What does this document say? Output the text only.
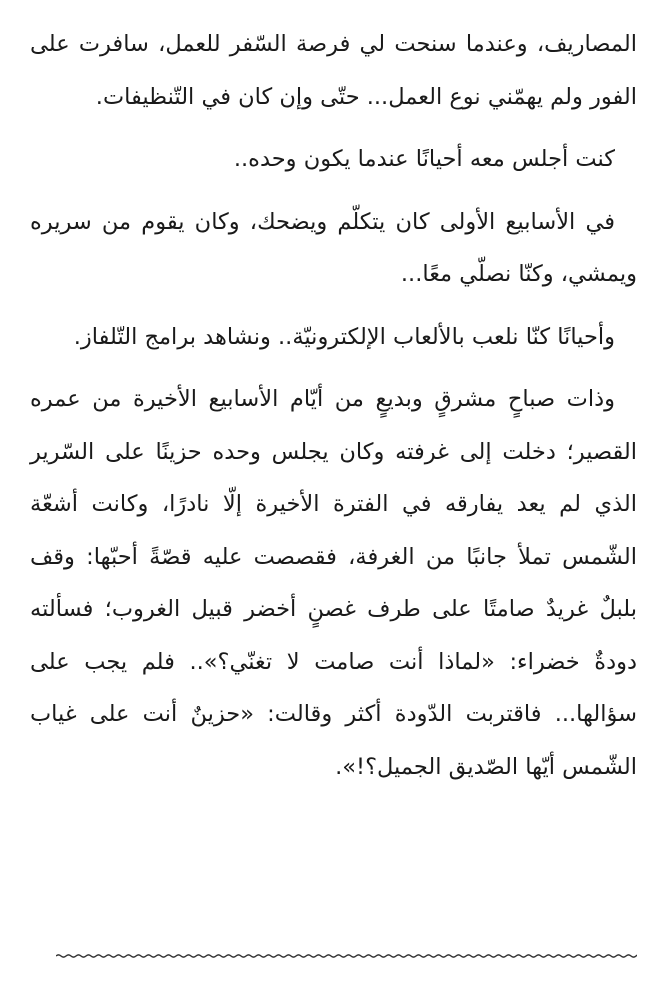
المصاريف، وعندما سنحت لي فرصة السّفر للعمل، سافرت على الفور ولم يهمّني نوع العمل... حتّى وإن كان في التّنظيفات.

كنت أجلس معه أحيانًا عندما يكون وحده..

في الأسابيع الأولى كان يتكلّم ويضحك، وكان يقوم من سريره ويمشي، وكنّا نصلّي معًا...

وأحيانًا كنّا نلعب بالألعاب الإلكترونيّة.. ونشاهد برامج التّلفاز.

وذات صباحٍ مشرقٍ وبديعٍ من أيّام الأسابيع الأخيرة من عمره القصير؛ دخلت إلى غرفته وكان يجلس وحده حزينًا على السّرير الذي لم يعد يفارقه في الفترة الأخيرة إلّا نادرًا، وكانت أشعّة الشّمس تملأ جانبًا من الغرفة، فقصصت عليه قصّةً أحبّها: وقف بلبلٌ غريدٌ صامتًا على طرف غصنٍ أخضر قبيل الغروب؛ فسألته دودةٌ خضراء: «لماذا أنت صامت لا تغنّي؟».. فلم يجب على سؤالها... فاقتربت الدّودة أكثر وقالت: «حزينٌ أنت على غياب الشّمس أيّها الصّديق الجميل؟!».
